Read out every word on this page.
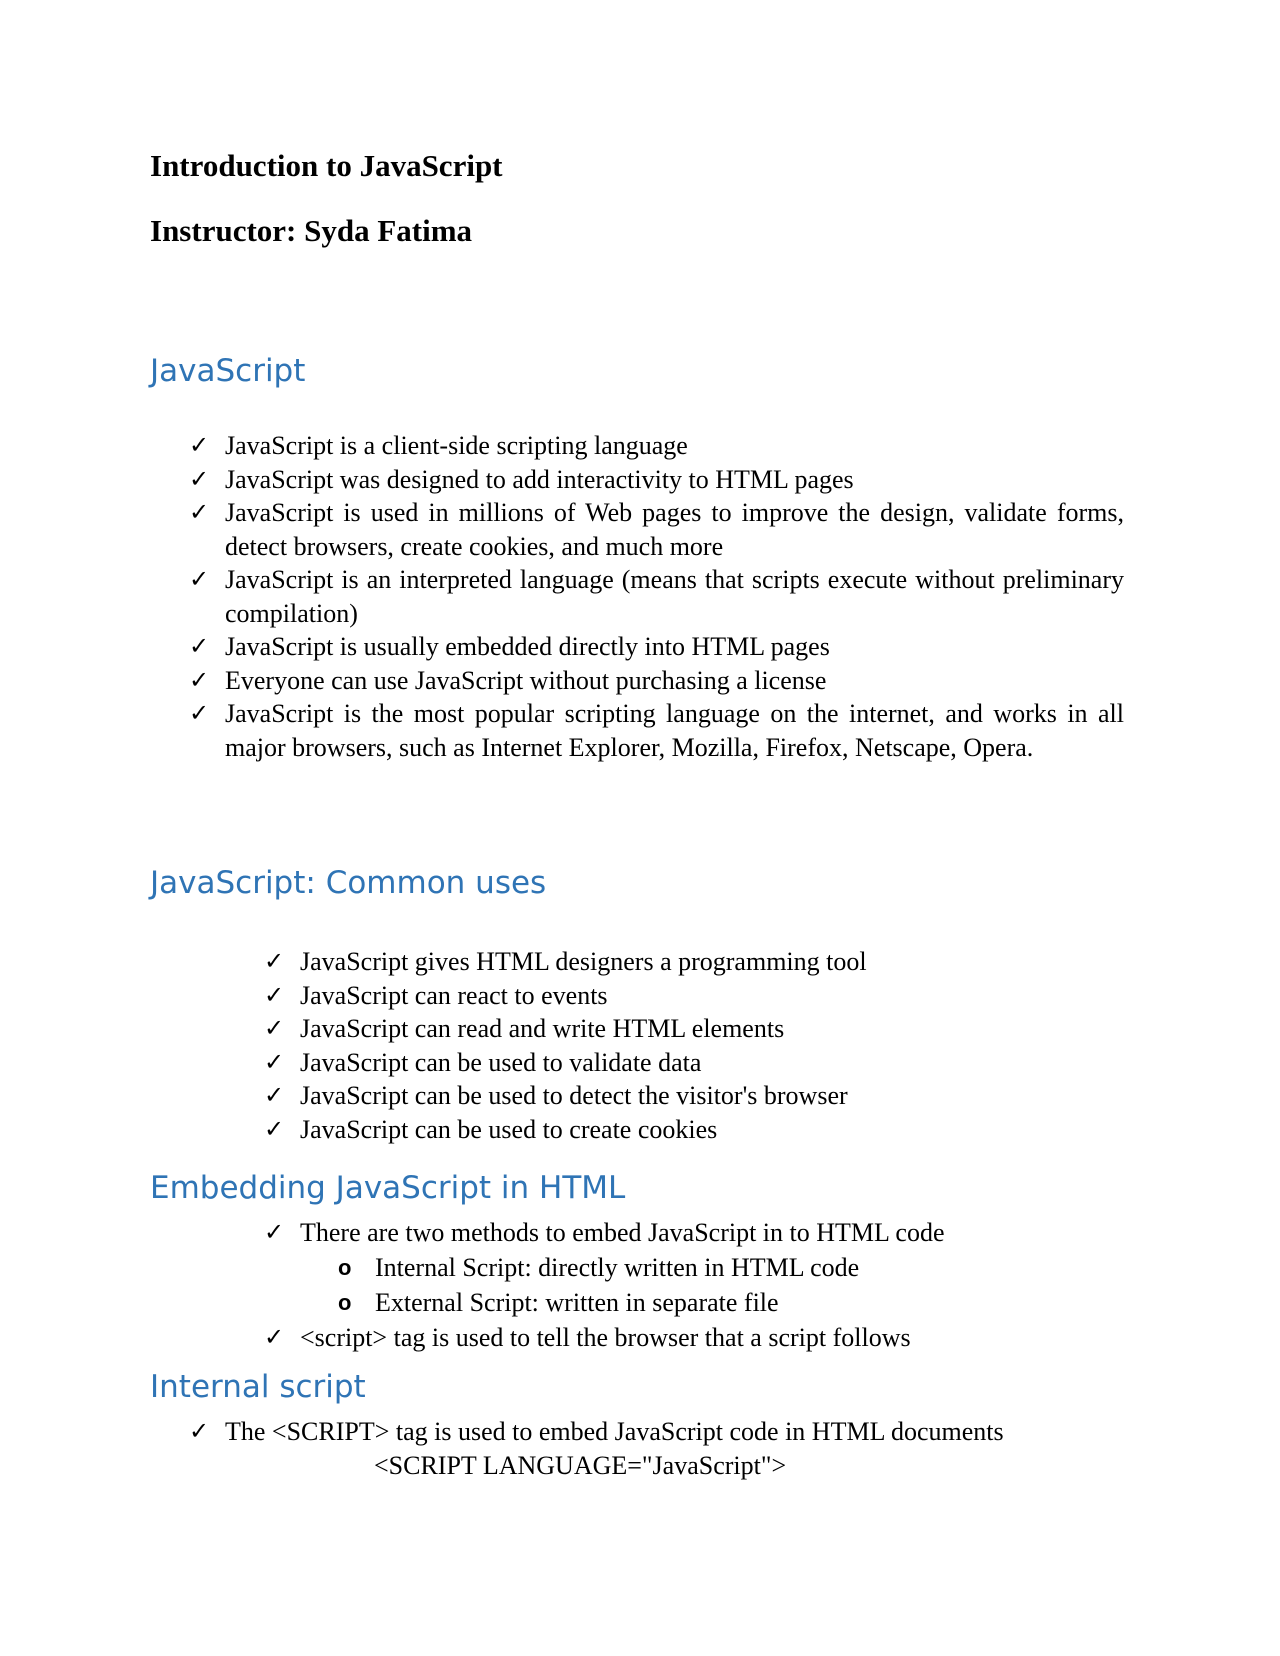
Introduction to JavaScript
Instructor: Syda Fatima
JavaScript
✓ JavaScript is a client-side scripting language
✓ JavaScript was designed to add interactivity to HTML pages
✓ JavaScript is used in millions of Web pages to improve the design, validate forms, detect browsers, create cookies, and much more
✓ JavaScript is an interpreted language (means that scripts execute without preliminary compilation)
✓ JavaScript is usually embedded directly into HTML pages
✓ Everyone can use JavaScript without purchasing a license
✓ JavaScript is the most popular scripting language on the internet, and works in all major browsers, such as Internet Explorer, Mozilla, Firefox, Netscape, Opera.
JavaScript: Common uses
✓ JavaScript gives HTML designers a programming tool
✓ JavaScript can react to events
✓ JavaScript can read and write HTML elements
✓ JavaScript can be used to validate data
✓ JavaScript can be used to detect the visitor's browser
✓ JavaScript can be used to create cookies
Embedding JavaScript in HTML
✓ There are two methods to embed JavaScript in to HTML code
o Internal Script: directly written in HTML code
o External Script: written in separate file
✓ <script> tag is used to tell the browser that a script follows
Internal script
✓ The <SCRIPT> tag is used to embed JavaScript code in HTML documents
<SCRIPT LANGUAGE="JavaScript">
